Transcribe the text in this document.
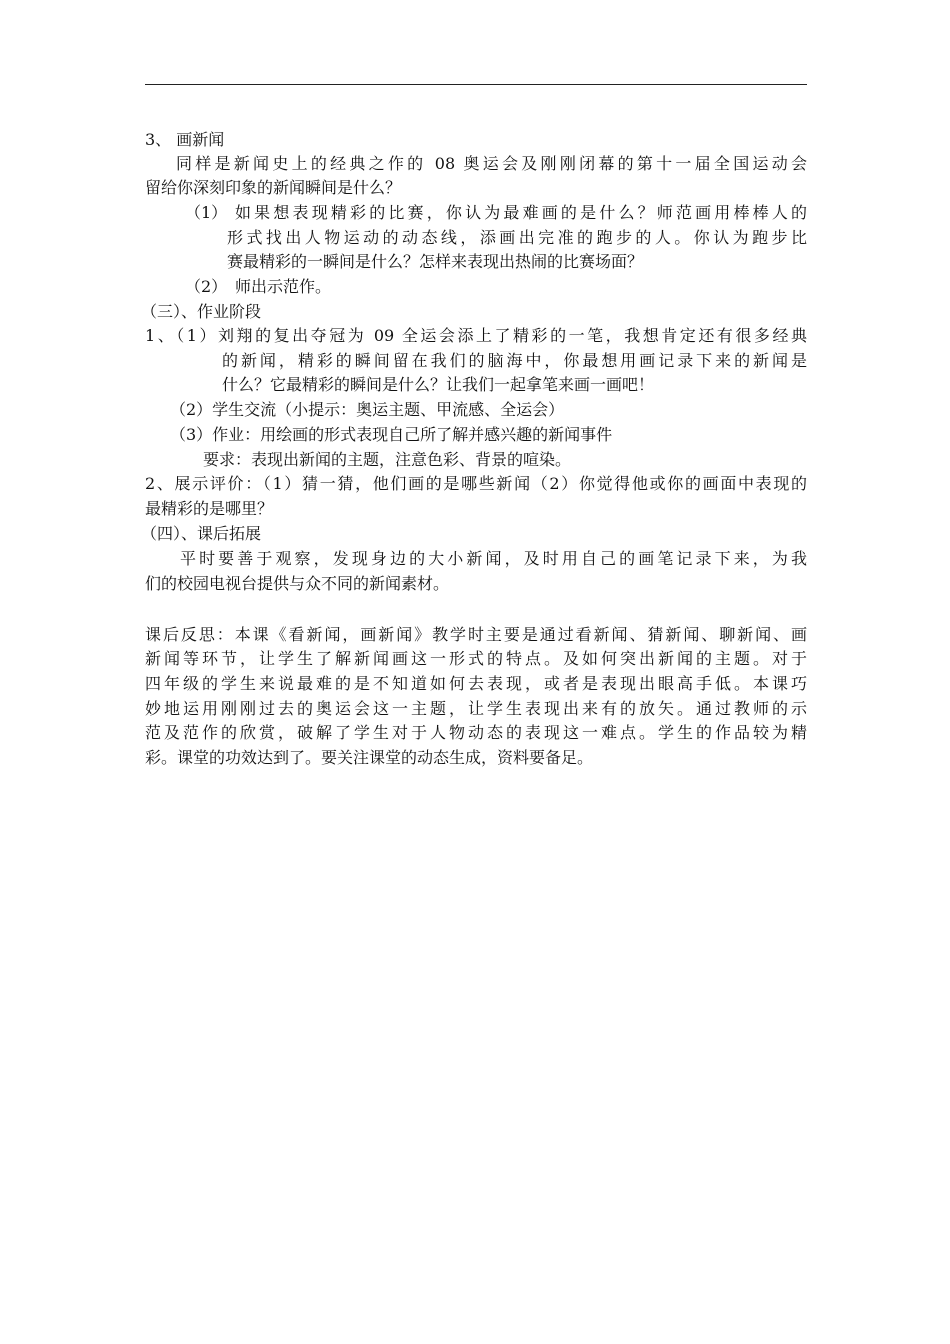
3、 画新闻
同样是新闻史上的经典之作的 08 奥运会及刚刚闭幕的第十一届全国运动会
留给你深刻印象的新闻瞬间是什么？
（1） 如果想表现精彩的比赛，你认为最难画的是什么？师范画用棒棒人的
形式找出人物运动的动态线，添画出完准的跑步的人。你认为跑步比
赛最精彩的一瞬间是什么？怎样来表现出热闹的比赛场面？
（2） 师出示范作。
（三）、作业阶段
1、（1）刘翔的复出夺冠为 09 全运会添上了精彩的一笔，我想肯定还有很多经典
的新闻，精彩的瞬间留在我们的脑海中，你最想用画记录下来的新闻是
什么？它最精彩的瞬间是什么？让我们一起拿笔来画一画吧！
（2）学生交流（小提示：奥运主题、甲流感、全运会）
（3）作业：用绘画的形式表现自己所了解并感兴趣的新闻事件
要求：表现出新闻的主题，注意色彩、背景的喧染。
2、展示评价：（1）猜一猜，他们画的是哪些新闻（2）你觉得他或你的画面中表现的
最精彩的是哪里？
（四）、课后拓展
平时要善于观察，发现身边的大小新闻，及时用自己的画笔记录下来，为我
们的校园电视台提供与众不同的新闻素材。
课后反思：本课《看新闻，画新闻》教学时主要是通过看新闻、猜新闻、聊新闻、画
新闻等环节，让学生了解新闻画这一形式的特点。及如何突出新闻的主题。对于
四年级的学生来说最难的是不知道如何去表现，或者是表现出眼高手低。本课巧
妙地运用刚刚过去的奥运会这一主题，让学生表现出来有的放矢。通过教师的示
范及范作的欣赏，破解了学生对于人物动态的表现这一难点。学生的作品较为精
彩。课堂的功效达到了。要关注课堂的动态生成，资料要备足。
